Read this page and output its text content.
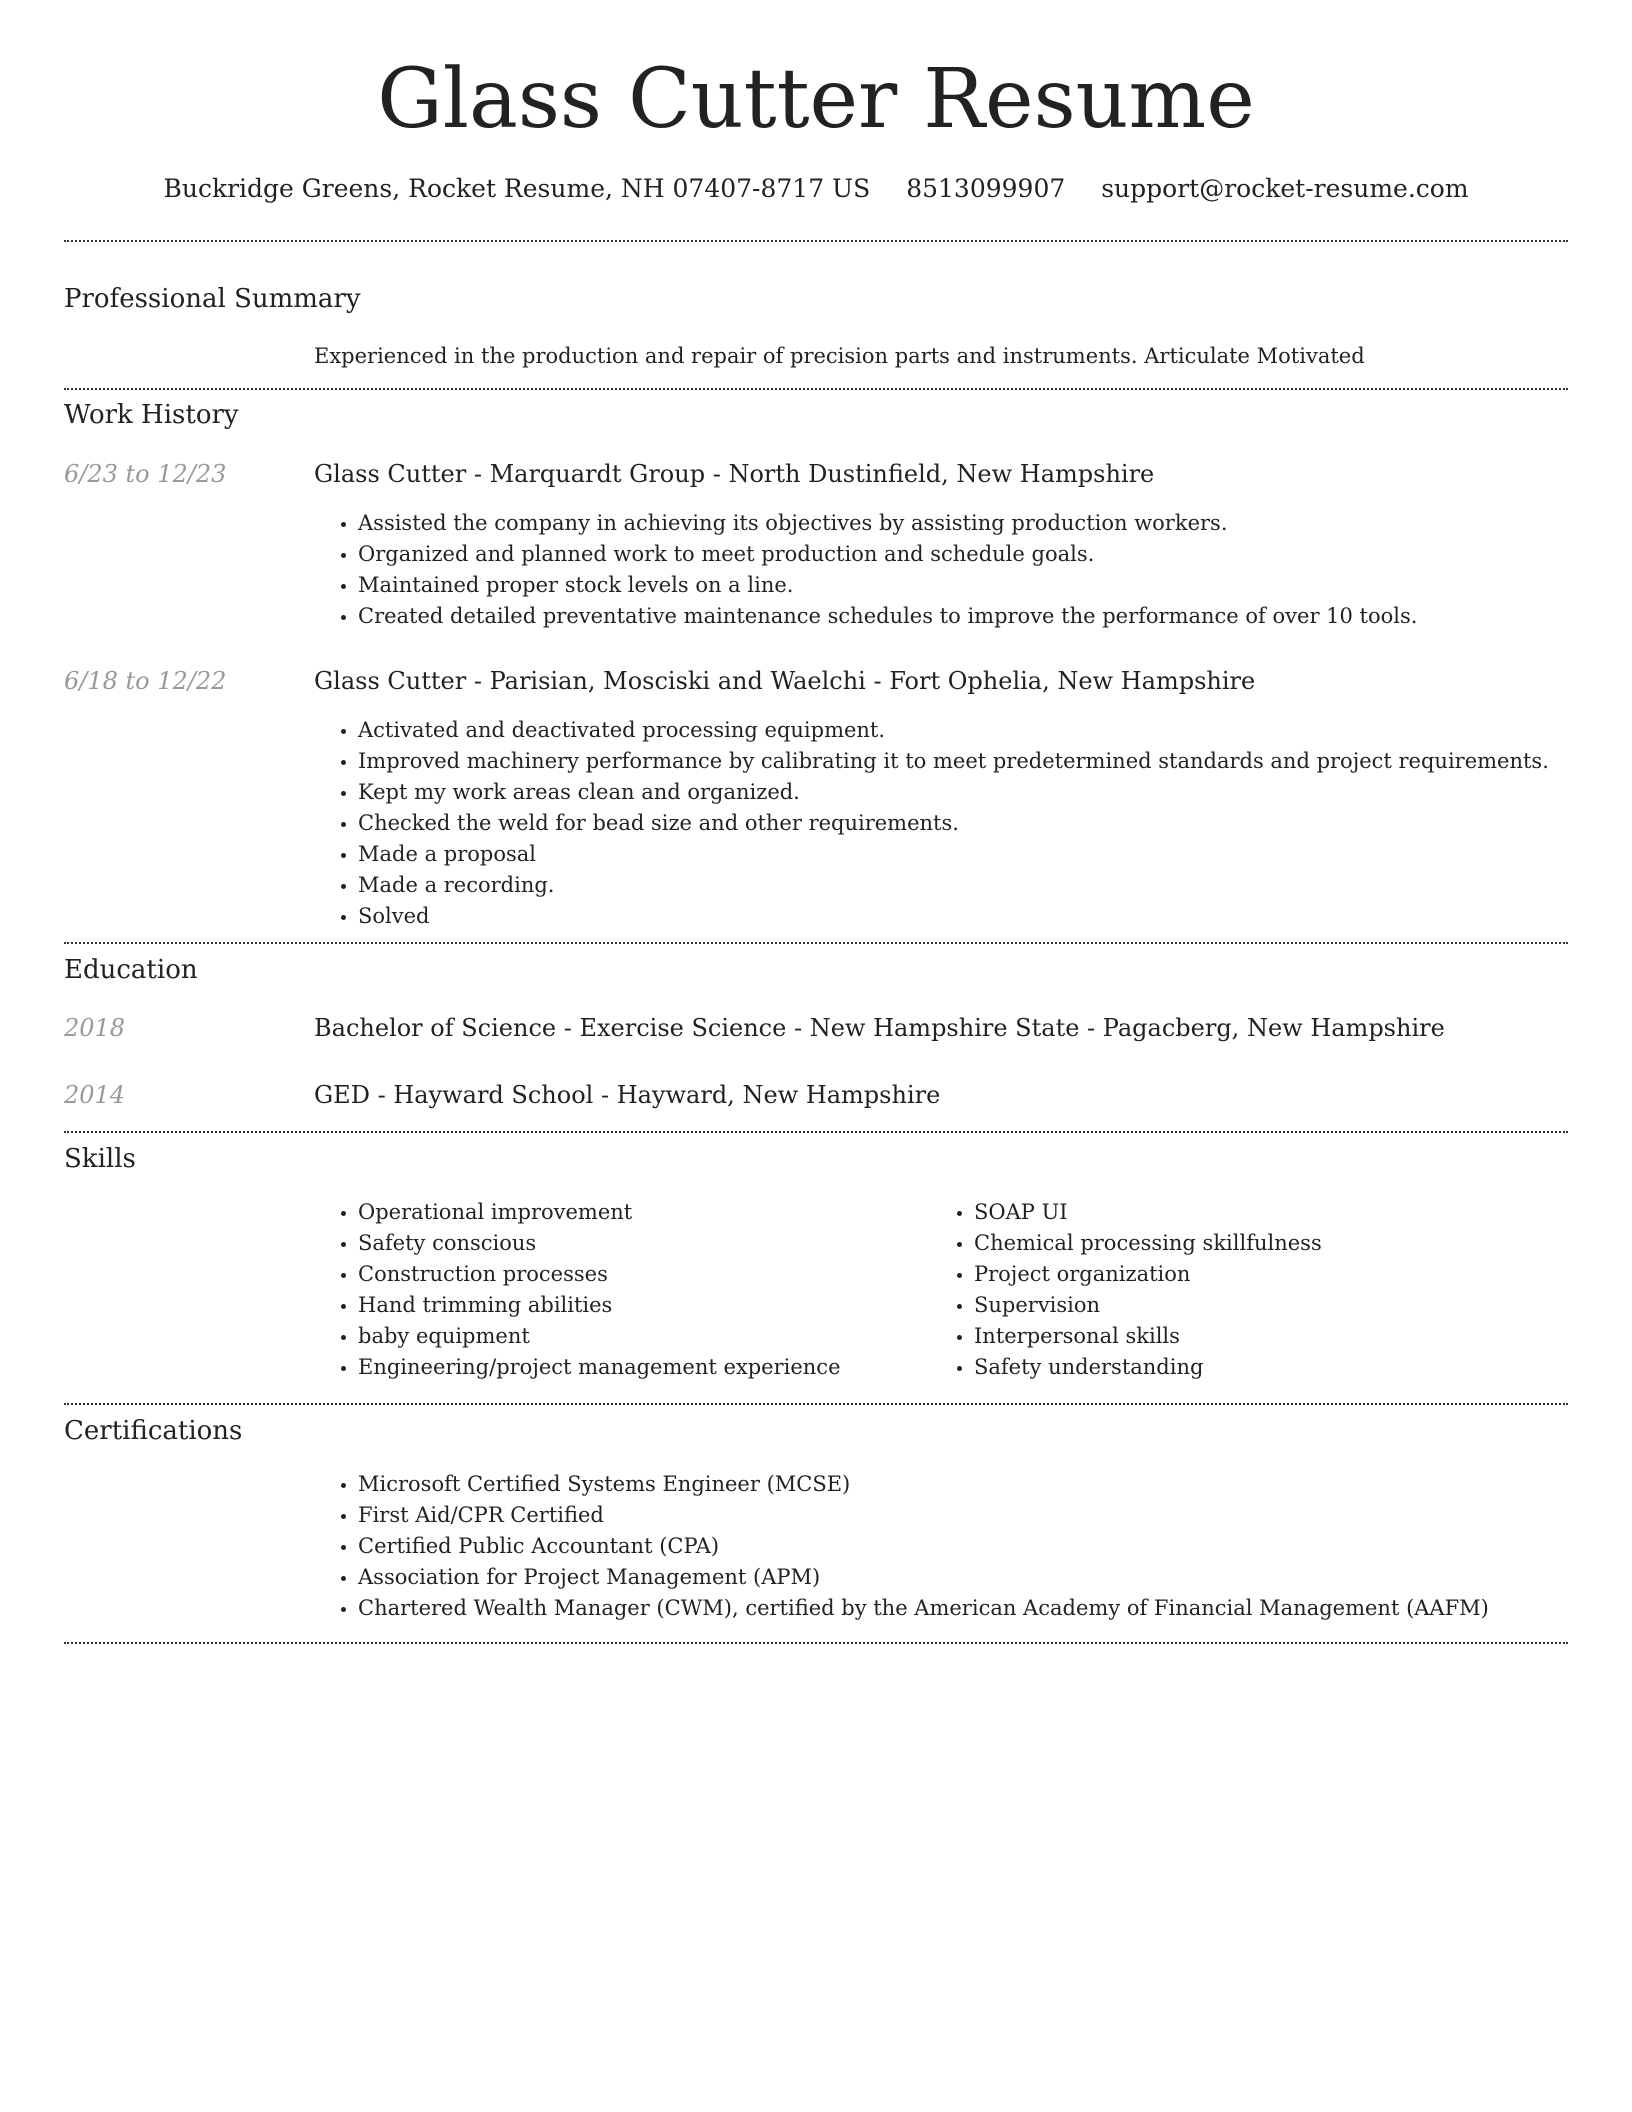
Glass Cutter Resume
Buckridge Greens, Rocket Resume, NH 07407-8717 US 8513099907 support@rocket-resume.com
Professional Summary
Experienced in the production and repair of precision parts and instruments. Articulate Motivated
Work History
6/23 to 12/23	Glass Cutter - Marquardt Group - North Dustinfield, New Hampshire
• Assisted the company in achieving its objectives by assisting production workers.
• Organized and planned work to meet production and schedule goals.
• Maintained proper stock levels on a line.
• Created detailed preventative maintenance schedules to improve the performance of over 10 tools.
6/18 to 12/22	Glass Cutter - Parisian, Mosciski and Waelchi - Fort Ophelia, New Hampshire
• Activated and deactivated processing equipment.
• Improved machinery performance by calibrating it to meet predetermined standards and project requirements.
• Kept my work areas clean and organized.
• Checked the weld for bead size and other requirements.
• Made a proposal
• Made a recording.
• Solved
Education
2018	Bachelor of Science - Exercise Science - New Hampshire State - Pagacberg, New Hampshire
2014	GED - Hayward School - Hayward, New Hampshire
Skills
• Operational improvement
• Safety conscious
• Construction processes
• Hand trimming abilities
• baby equipment
• Engineering/project management experience
• SOAP UI
• Chemical processing skillfulness
• Project organization
• Supervision
• Interpersonal skills
• Safety understanding
Certifications
• Microsoft Certified Systems Engineer (MCSE)
• First Aid/CPR Certified
• Certified Public Accountant (CPA)
• Association for Project Management (APM)
• Chartered Wealth Manager (CWM), certified by the American Academy of Financial Management (AAFM)
